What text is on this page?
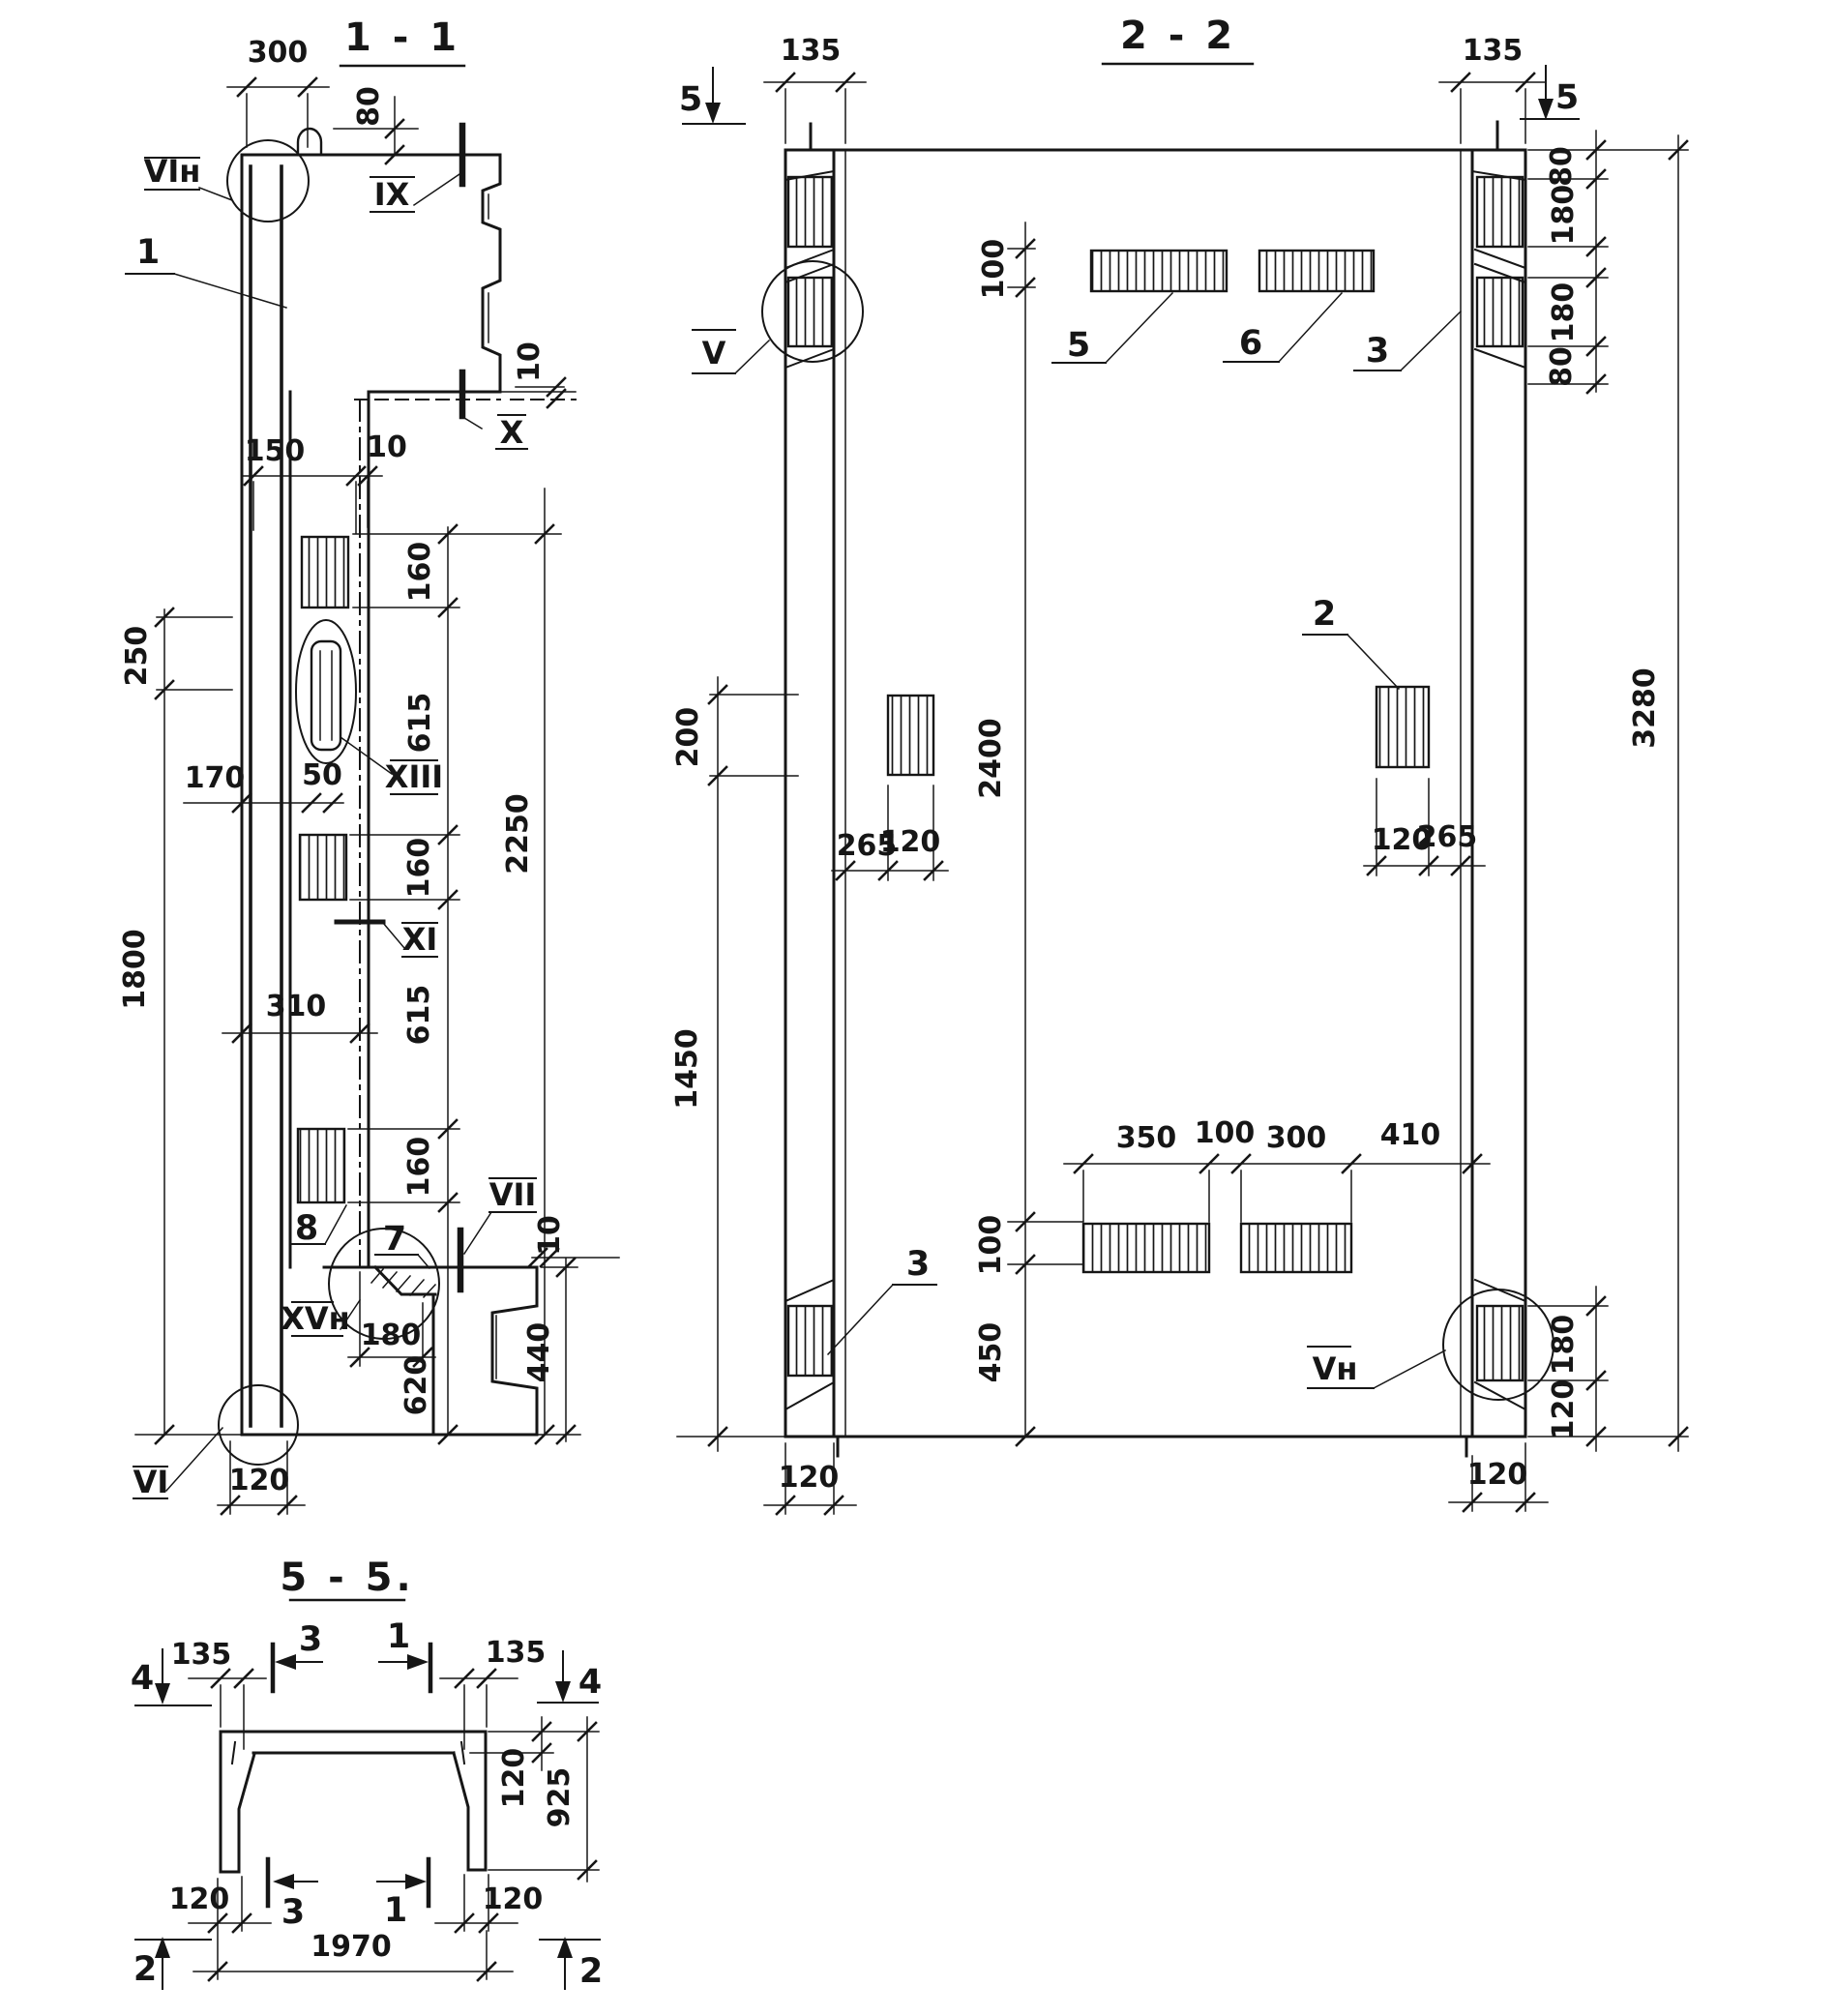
1 - 1
300
80
150 10
10
160
615
160
615
160
620
2250
250
1800
170 50
310
180	440
10
120
VIн
1
IX
X
XIII
XI
7
8
VII
XVн
VI
2 - 2
135	135
5	5
80
180
180
80
3280
100
5	6	3
V
200	2400
2
265
120	120
265
1450
350 100 300 410
100
450
3
Vн	180
120
120	120
5 - 5.
135	135
4	4
3 1
120 925
120	120
3 1
1970
2	2
